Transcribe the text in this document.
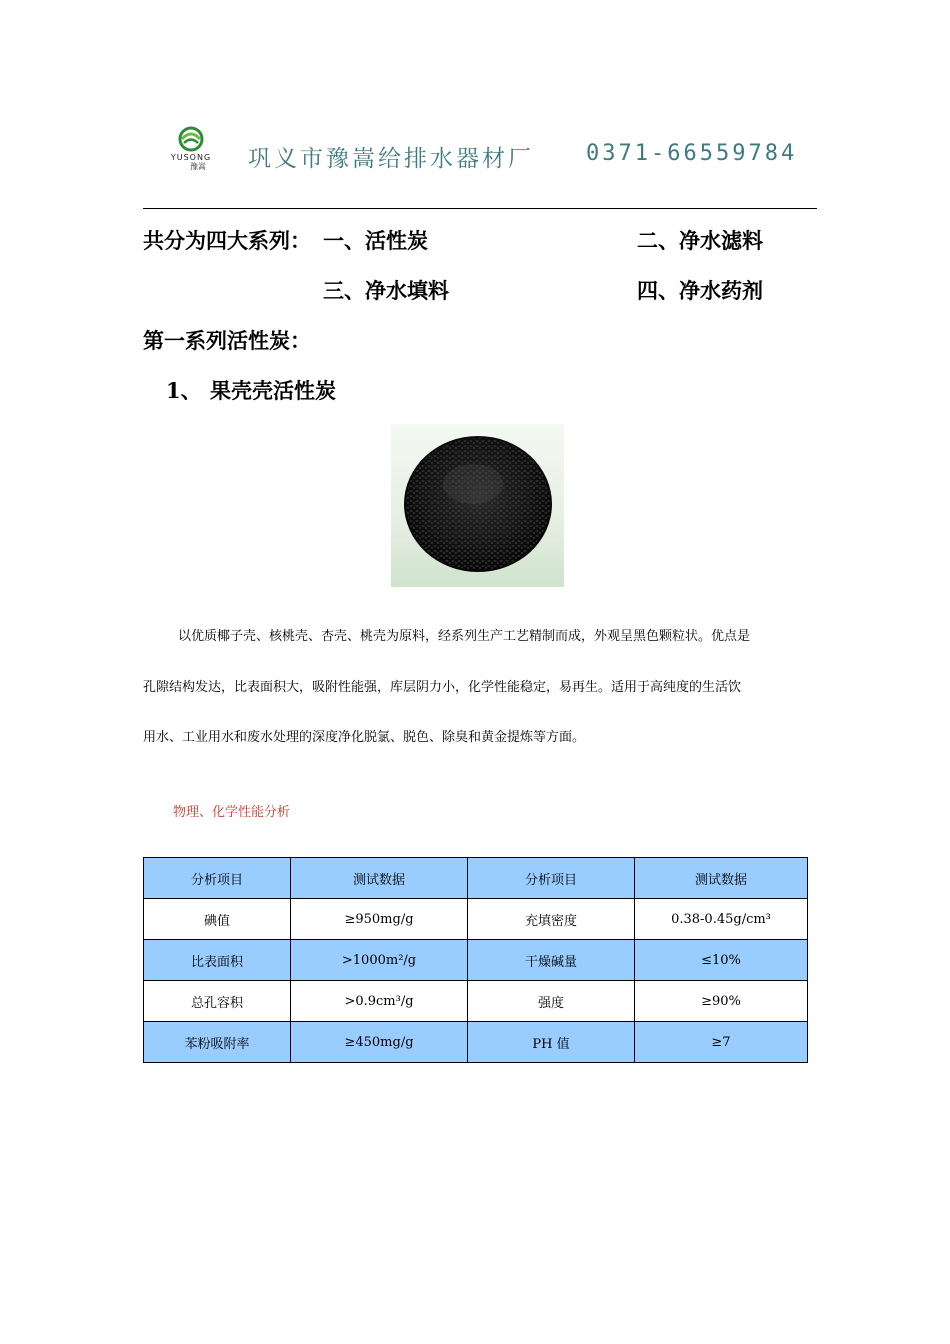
YUSONG
豫嵩 巩义市豫嵩给排水器材厂 0371-66559784
共分为四大系列： 一、活性炭	二、净水滤料
三、净水填料	四、净水药剂
第一系列活性炭：
1、 果壳壳活性炭
以优质椰子壳、核桃壳、杏壳、桃壳为原料，经系列生产工艺精制而成，外观呈黑色颗粒状。优点是
孔隙结构发达，比表面积大，吸附性能强，库层阴力小，化学性能稳定，易再生。适用于高纯度的生活饮
用水、工业用水和废水处理的深度净化脱氯、脱色、除臭和黄金提炼等方面。
物理、化学性能分析
分析项目	测试数据	分析项目	测试数据
碘值	≥950mg/g	充填密度	0.38-0.45g/cm³
比表面积	>1000m²/g	干燥碱量	≤10%
总孔容积	>0.9cm³/g	强度	≥90%
苯粉吸附率	≥450mg/g	PH 值	≥7
